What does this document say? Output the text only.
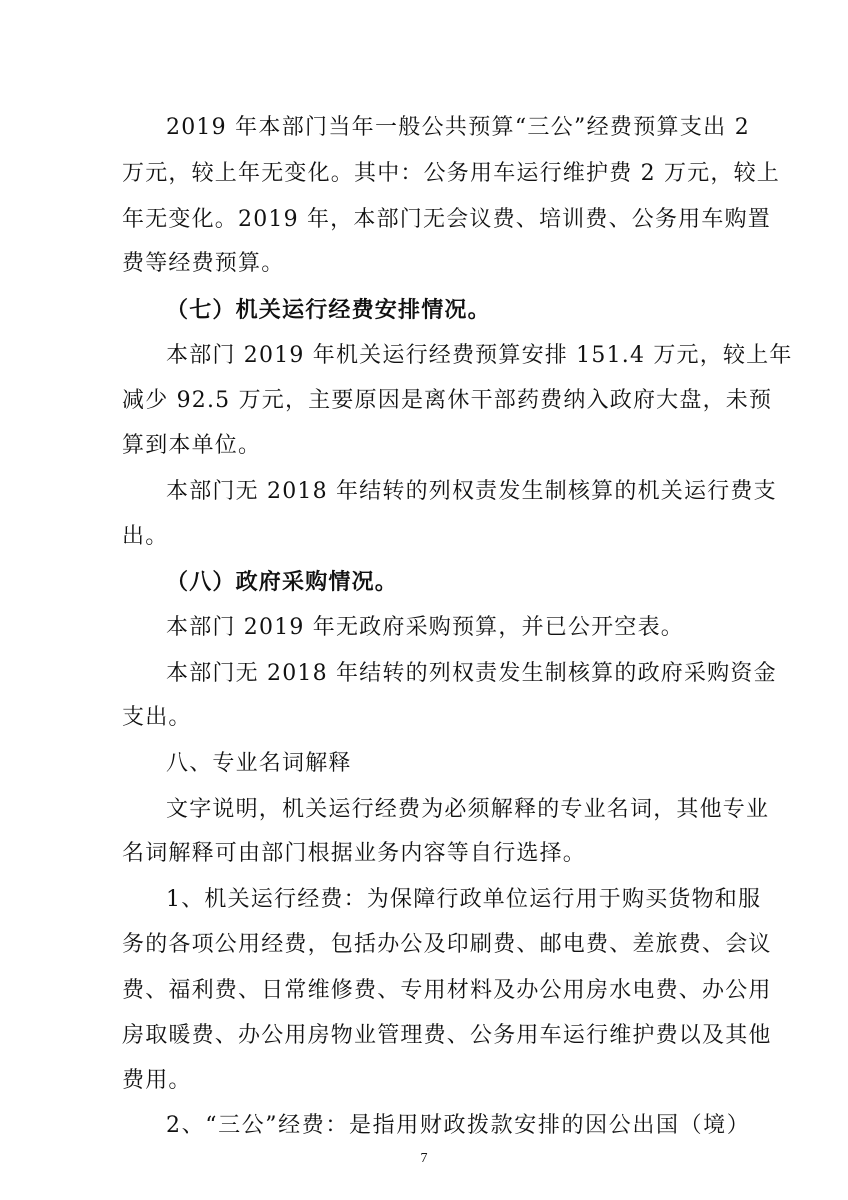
2019 年本部门当年一般公共预算“三公”经费预算支出 2
万元，较上年无变化。其中：公务用车运行维护费 2 万元，较上
年无变化。2019 年，本部门无会议费、培训费、公务用车购置
费等经费预算。
（七）机关运行经费安排情况。
本部门 2019 年机关运行经费预算安排 151.4 万元，较上年
减少 92.5 万元，主要原因是离休干部药费纳入政府大盘，未预
算到本单位。
本部门无 2018 年结转的列权责发生制核算的机关运行费支
出。
（八）政府采购情况。
本部门 2019 年无政府采购预算，并已公开空表。
本部门无 2018 年结转的列权责发生制核算的政府采购资金
支出。
八、专业名词解释
文字说明，机关运行经费为必须解释的专业名词，其他专业
名词解释可由部门根据业务内容等自行选择。
1、机关运行经费：为保障行政单位运行用于购买货物和服
务的各项公用经费，包括办公及印刷费、邮电费、差旅费、会议
费、福利费、日常维修费、专用材料及办公用房水电费、办公用
房取暖费、办公用房物业管理费、公务用车运行维护费以及其他
费用。
2、“三公”经费：是指用财政拨款安排的因公出国（境）
7
